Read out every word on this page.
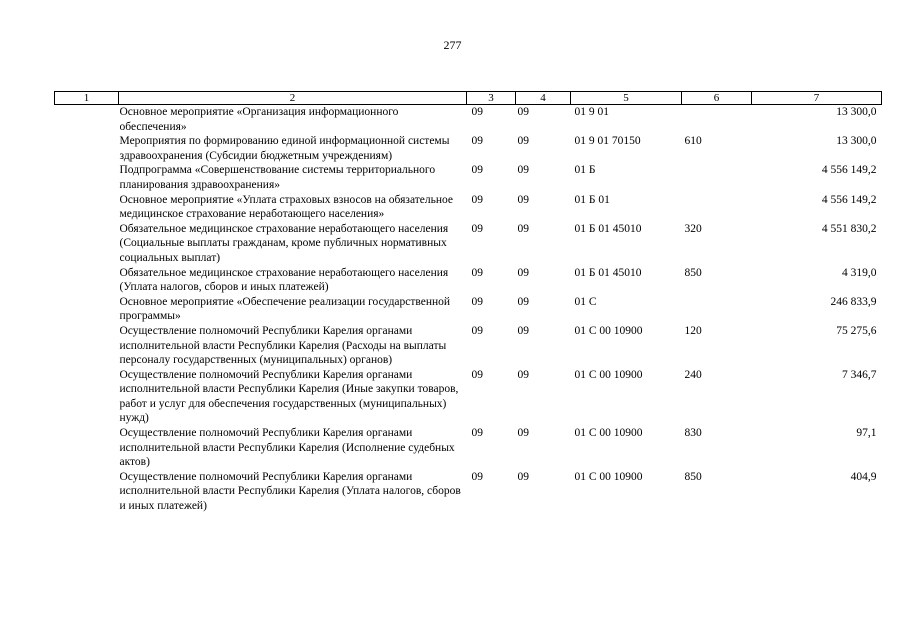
277
1	2	3	4	5	6	7
	Основное мероприятие «Организация информационного обеспечения»	09	09	01 9 01		13 300,0
	Мероприятия по формированию единой информационной системы здравоохранения (Субсидии бюджетным учреждениям)	09	09	01 9 01 70150	610	13 300,0
	Подпрограмма «Совершенствование системы территориального планирования здравоохранения»	09	09	01 Б		4 556 149,2
	Основное мероприятие «Уплата страховых взносов на обязательное медицинское страхование неработающего населения»	09	09	01 Б 01		4 556 149,2
	Обязательное медицинское страхование неработающего населения (Социальные выплаты гражданам, кроме публичных нормативных социальных выплат)	09	09	01 Б 01 45010	320	4 551 830,2
	Обязательное медицинское страхование неработающего населения (Уплата налогов, сборов и иных платежей)	09	09	01 Б 01 45010	850	4 319,0
	Основное мероприятие «Обеспечение реализации государственной программы»	09	09	01 С		246 833,9
	Осуществление полномочий Республики Карелия органами исполнительной власти Республики Карелия (Расходы на выплаты персоналу государственных (муниципальных) органов)	09	09	01 С 00 10900	120	75 275,6
	Осуществление полномочий Республики Карелия органами исполнительной власти Республики Карелия (Иные закупки товаров, работ и услуг для обеспечения государственных (муниципальных) нужд)	09	09	01 С 00 10900	240	7 346,7
	Осуществление полномочий Республики Карелия органами исполнительной власти Республики Карелия (Исполнение судебных актов)	09	09	01 С 00 10900	830	97,1
	Осуществление полномочий Республики Карелия органами исполнительной власти Республики Карелия (Уплата налогов, сборов и иных платежей)	09	09	01 С 00 10900	850	404,9
